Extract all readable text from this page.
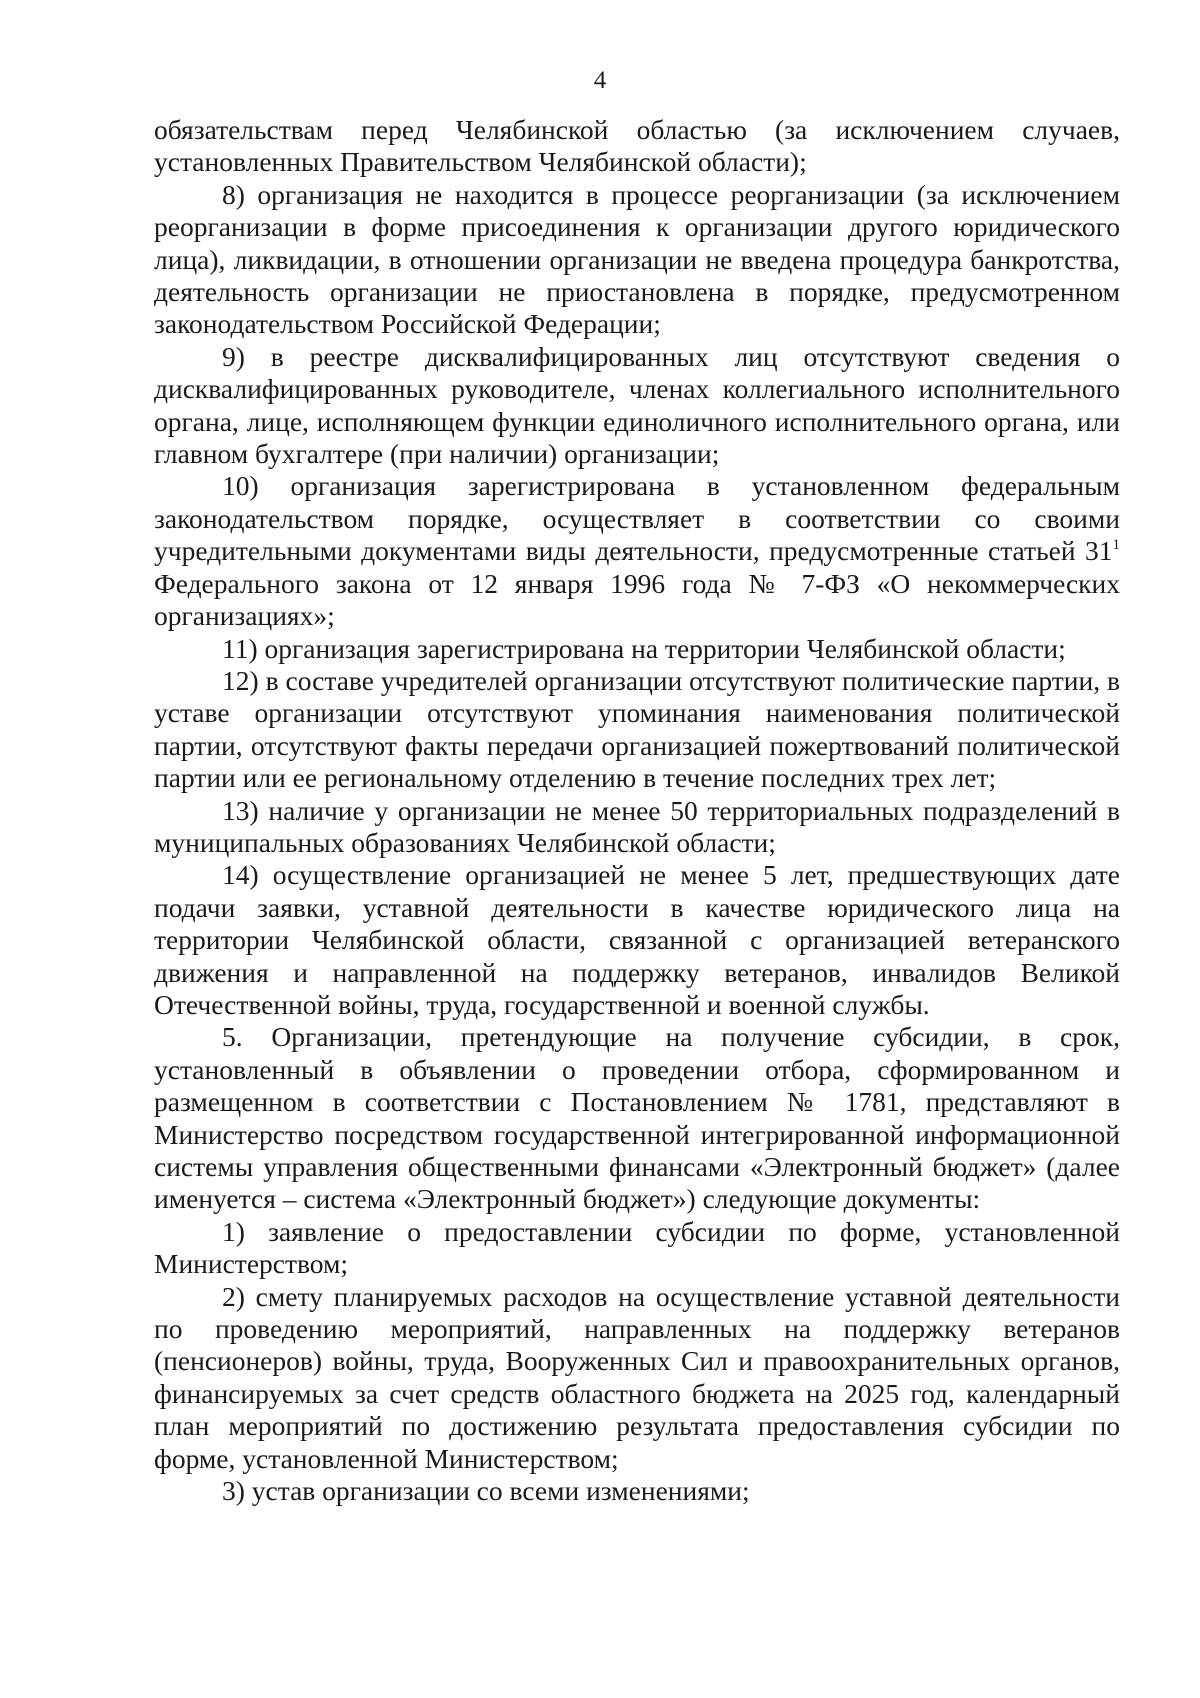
4

обязательствам перед Челябинской областью (за исключением случаев, установленных Правительством Челябинской области);

8) организация не находится в процессе реорганизации (за исключением реорганизации в форме присоединения к организации другого юридического лица), ликвидации, в отношении организации не введена процедура банкротства, деятельность организации не приостановлена в порядке, предусмотренном законодательством Российской Федерации;

9) в реестре дисквалифицированных лиц отсутствуют сведения о дисквалифицированных руководителе, членах коллегиального исполнительного органа, лице, исполняющем функции единоличного исполнительного органа, или главном бухгалтере (при наличии) организации;

10) организация зарегистрирована в установленном федеральным законодательством порядке, осуществляет в соответствии со своими учредительными документами виды деятельности, предусмотренные статьей $31^1$ Федерального закона от 12 января 1996 года № 7-ФЗ «О некоммерческих организациях»;

11) организация зарегистрирована на территории Челябинской области;

12) в составе учредителей организации отсутствуют политические партии, в уставе организации отсутствуют упоминания наименования политической партии, отсутствуют факты передачи организацией пожертвований политической партии или ее региональному отделению в течение последних трех лет;

13) наличие у организации не менее 50 территориальных подразделений в муниципальных образованиях Челябинской области;

14) осуществление организацией не менее 5 лет, предшествующих дате подачи заявки, уставной деятельности в качестве юридического лица на территории Челябинской области, связанной с организацией ветеранского движения и направленной на поддержку ветеранов, инвалидов Великой Отечественной войны, труда, государственной и военной службы.

5. Организации, претендующие на получение субсидии, в срок, установленный в объявлении о проведении отбора, сформированном и размещенном в соответствии с Постановлением № 1781, представляют в Министерство посредством государственной интегрированной информационной системы управления общественными финансами «Электронный бюджет» (далее именуется – система «Электронный бюджет») следующие документы:

1) заявление о предоставлении субсидии по форме, установленной Министерством;

2) смету планируемых расходов на осуществление уставной деятельности по проведению мероприятий, направленных на поддержку ветеранов (пенсионеров) войны, труда, Вооруженных Сил и правоохранительных органов, финансируемых за счет средств областного бюджета на 2025 год, календарный план мероприятий по достижению результата предоставления субсидии по форме, установленной Министерством;

3) устав организации со всеми изменениями;
